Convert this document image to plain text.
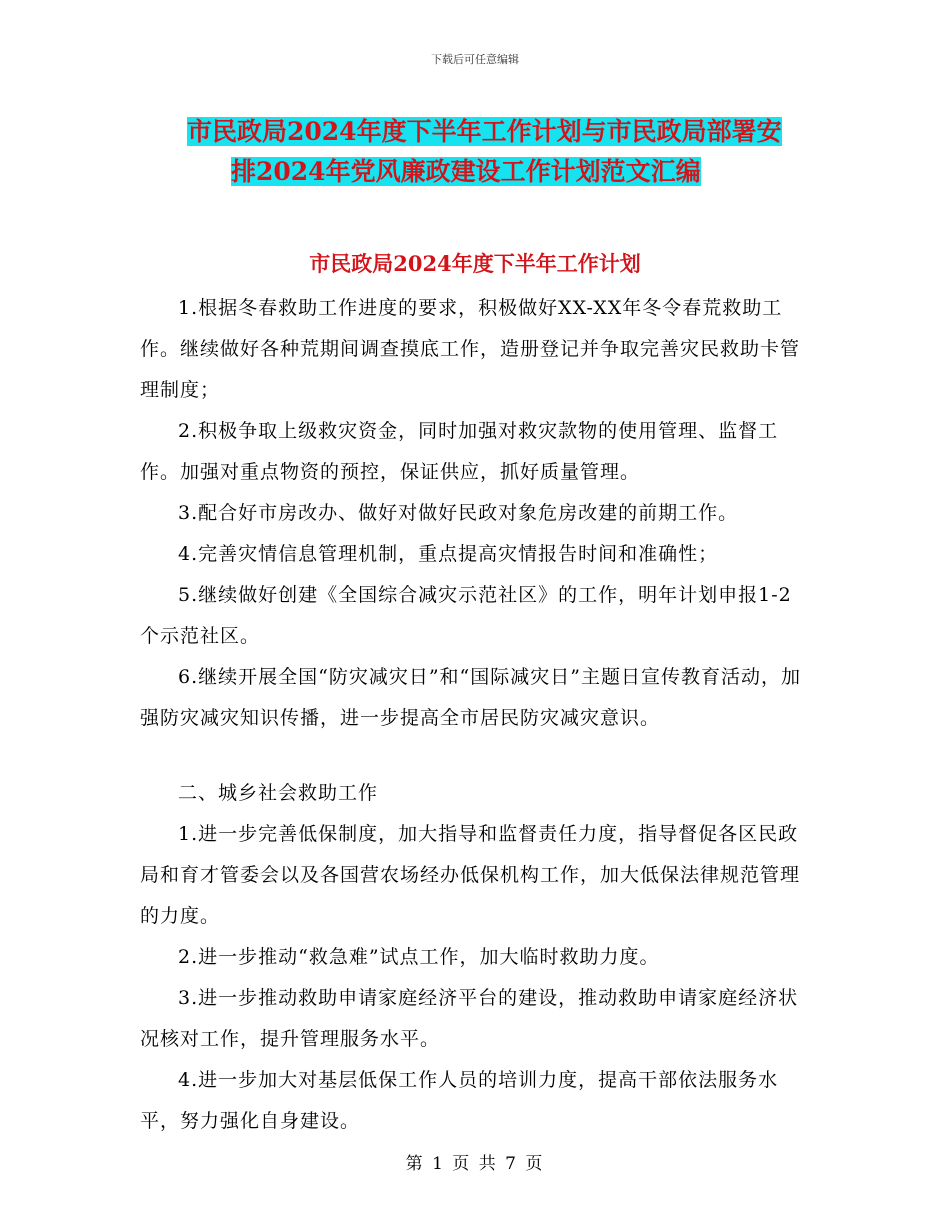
下载后可任意编辑
市民政局2024年度下半年工作计划与市民政局部署安
排2024年党风廉政建设工作计划范文汇编
市民政局2024年度下半年工作计划

1.根据冬春救助工作进度的要求，积极做好XX-XX年冬令春荒救助工作。继续做好各种荒期间调查摸底工作，造册登记并争取完善灾民救助卡管理制度；

2.积极争取上级救灾资金，同时加强对救灾款物的使用管理、监督工作。加强对重点物资的预控，保证供应，抓好质量管理。

3.配合好市房改办、做好对做好民政对象危房改建的前期工作。

4.完善灾情信息管理机制，重点提高灾情报告时间和准确性；

5.继续做好创建《全国综合减灾示范社区》的工作，明年计划申报1-2个示范社区。

6.继续开展全国“防灾减灾日”和“国际减灾日”主题日宣传教育活动，加强防灾减灾知识传播，进一步提高全市居民防灾减灾意识。

二、城乡社会救助工作

1.进一步完善低保制度，加大指导和监督责任力度，指导督促各区民政局和育才管委会以及各国营农场经办低保机构工作，加大低保法律规范管理的力度。

2.进一步推动“救急难”试点工作，加大临时救助力度。

3.进一步推动救助申请家庭经济平台的建设，推动救助申请家庭经济状况核对工作，提升管理服务水平。

4.进一步加大对基层低保工作人员的培训力度，提高干部依法服务水平，努力强化自身建设。

第 1 页 共 7 页
